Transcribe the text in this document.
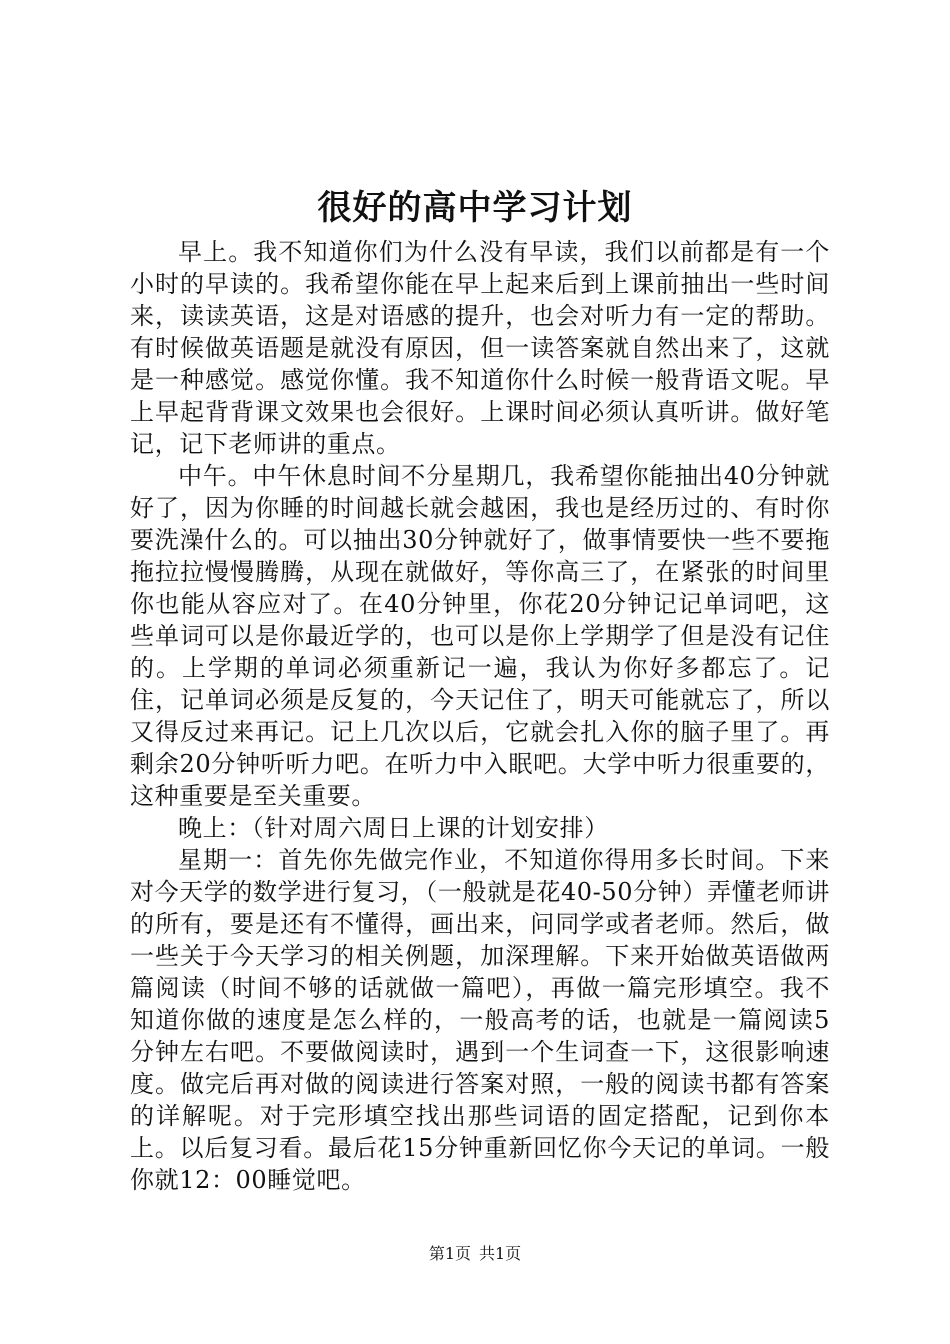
很好的高中学习计划

早上。我不知道你们为什么没有早读，我们以前都是有一个小时的早读的。我希望你能在早上起来后到上课前抽出一些时间来，读读英语，这是对语感的提升，也会对听力有一定的帮助。有时候做英语题是就没有原因，但一读答案就自然出来了，这就是一种感觉。感觉你懂。我不知道你什么时候一般背语文呢。早上早起背背课文效果也会很好。上课时间必须认真听讲。做好笔记，记下老师讲的重点。

中午。中午休息时间不分星期几，我希望你能抽出40分钟就好了，因为你睡的时间越长就会越困，我也是经历过的、有时你要洗澡什么的。可以抽出30分钟就好了，做事情要快一些不要拖拖拉拉慢慢腾腾，从现在就做好，等你高三了，在紧张的时间里你也能从容应对了。在40分钟里，你花20分钟记记单词吧，这些单词可以是你最近学的，也可以是你上学期学了但是没有记住的。上学期的单词必须重新记一遍，我认为你好多都忘了。记住，记单词必须是反复的，今天记住了，明天可能就忘了，所以又得反过来再记。记上几次以后，它就会扎入你的脑子里了。再剩余20分钟听听力吧。在听力中入眠吧。大学中听力很重要的，这种重要是至关重要。

晚上：（针对周六周日上课的计划安排）

星期一：首先你先做完作业，不知道你得用多长时间。下来对今天学的数学进行复习，（一般就是花40-50分钟）弄懂老师讲的所有，要是还有不懂得，画出来，问同学或者老师。然后，做一些关于今天学习的相关例题，加深理解。下来开始做英语做两篇阅读（时间不够的话就做一篇吧），再做一篇完形填空。我不知道你做的速度是怎么样的，一般高考的话，也就是一篇阅读5分钟左右吧。不要做阅读时，遇到一个生词查一下，这很影响速度。做完后再对做的阅读进行答案对照，一般的阅读书都有答案的详解呢。对于完形填空找出那些词语的固定搭配，记到你本上。以后复习看。最后花15分钟重新回忆你今天记的单词。一般你就12：00睡觉吧。

第1页 共1页
